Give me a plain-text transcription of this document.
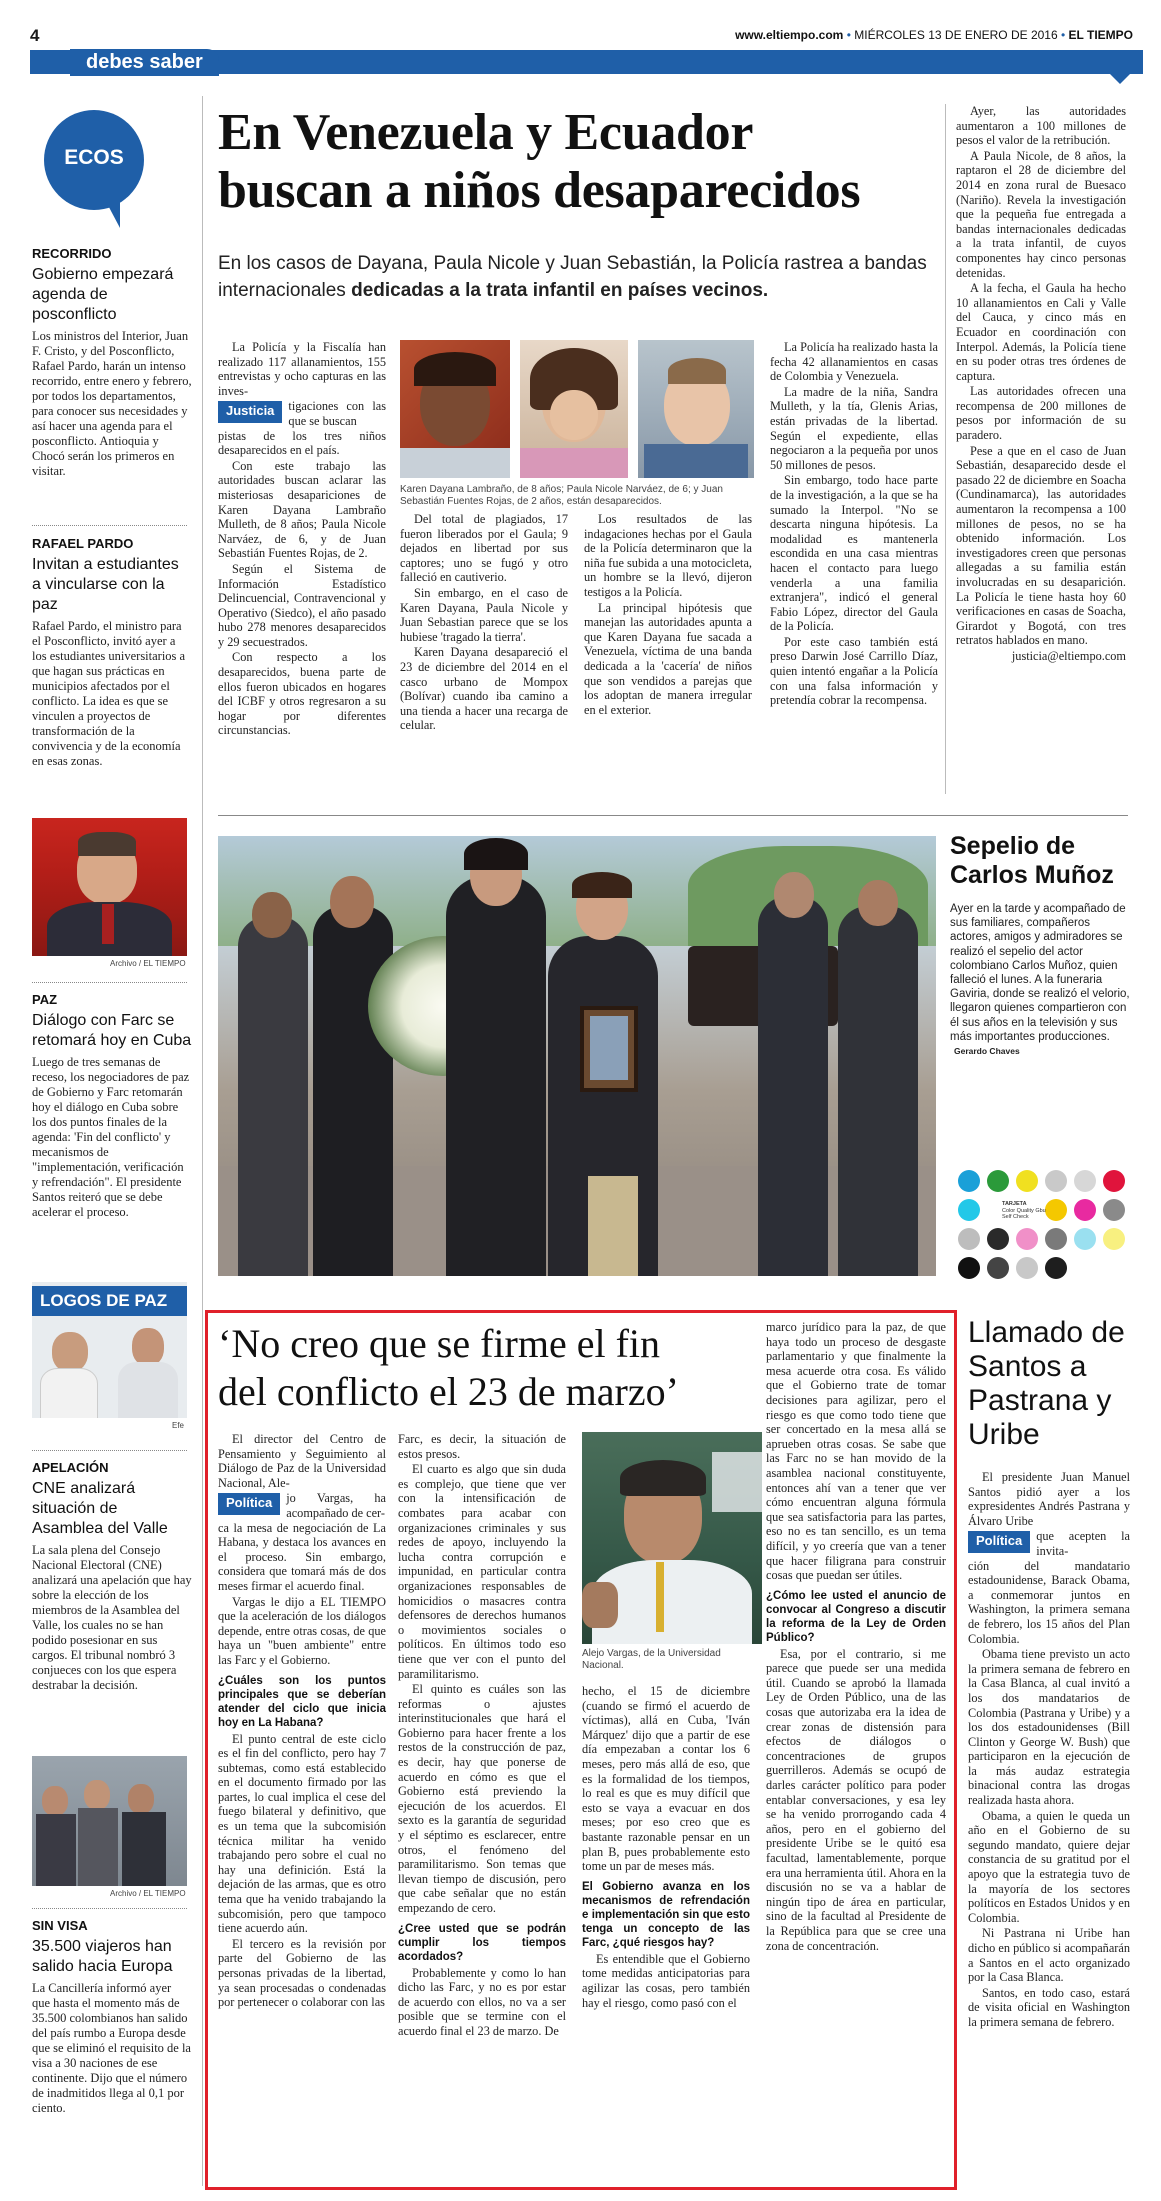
4	www.eltiempo.com • MIÉRCOLES 13 DE ENERO DE 2016 • EL TIEMPO
debes saber
ECOS
RECORRIDO
Gobierno empezará agenda de posconflicto
Los ministros del Interior, Juan F. Cristo, y del Posconflicto, Rafael Pardo, harán un intenso recorrido, entre enero y febrero, por todos los departamentos, para conocer sus necesidades y así hacer una agenda para el posconflicto. Antioquia y Chocó serán los primeros en visitar.
RAFAEL PARDO
Invitan a estudiantes a vincularse con la paz
Rafael Pardo, el ministro para el Posconflicto, invitó ayer a los estudiantes universitarios a que hagan sus prácticas en municipios afectados por el conflicto. La idea es que se vinculen a proyectos de transformación de la convivencia y de la economía en esas zonas.
Archivo / EL TIEMPO
PAZ
Diálogo con Farc se retomará hoy en Cuba
Luego de tres semanas de receso, los negociadores de paz de Gobierno y Farc retomarán hoy el diálogo en Cuba sobre los dos puntos finales de la agenda: 'Fin del conflicto' y mecanismos de "implementación, verificación y refrendación". El presidente Santos reiteró que se debe acelerar el proceso.
LOGOS DE PAZ
Efe
APELACIÓN
CNE analizará situación de Asamblea del Valle
La sala plena del Consejo Nacional Electoral (CNE) analizará una apelación que hay sobre la elección de los miembros de la Asamblea del Valle, los cuales no se han podido posesionar en sus cargos. El tribunal nombró 3 conjueces con los que espera destrabar la decisión.
Archivo / EL TIEMPO
SIN VISA
35.500 viajeros han salido hacia Europa
La Cancillería informó ayer que hasta el momento más de 35.500 colombianos han salido del país rumbo a Europa desde que se eliminó el requisito de la visa a 30 naciones de ese continente. Dijo que el número de inadmitidos llega al 0,1 por ciento.
En Venezuela y Ecuador
buscan a niños desaparecidos
En los casos de Dayana, Paula Nicole y Juan Sebastián, la Policía rastrea a bandas internacionales dedicadas a la trata infantil en países vecinos.

La Policía y la Fiscalía han realizado 117 allanamientos, 155 entrevistas y ocho capturas en las inves-

Justicia	tigaciones con las que se buscan

pistas de los tres niños desaparecidos en el país.

Con este trabajo las autoridades buscan aclarar las misteriosas desapariciones de Karen Dayana Lambraño Mulleth, de 8 años; Paula Nicole Narváez, de 6, y de Juan Sebastián Fuentes Rojas, de 2.

Según el Sistema de Información Estadístico Delincuencial, Contravencional y Operativo (Siedco), el año pasado hubo 278 menores desaparecidos y 29 secuestrados.

Con respecto a los desaparecidos, buena parte de ellos fueron ubicados en hogares del ICBF y otros regresaron a su hogar por diferentes circunstancias.

Karen Dayana Lambraño, de 8 años; Paula Nicole Narváez, de 6; y Juan Sebastián Fuentes Rojas, de 2 años, están desaparecidos.

Del total de plagiados, 17 fueron liberados por el Gaula; 9 dejados en libertad por sus captores; uno se fugó y otro falleció en cautiverio.

Sin embargo, en el caso de Karen Dayana, Paula Nicole y Juan Sebastian parece que se los hubiese 'tragado la tierra'.

Karen Dayana desapareció el 23 de diciembre del 2014 en el casco urbano de Mompox (Bolívar) cuando iba camino a una tienda a hacer una recarga de celular.

Los resultados de las indagaciones hechas por el Gaula de la Policía determinaron que la niña fue subida a una motocicleta, un hombre se la llevó, dijeron testigos a la Policía.

La principal hipótesis que manejan las autoridades apunta a que Karen Dayana fue sacada a Venezuela, víctima de una banda dedicada a la 'cacería' de niños que son vendidos a parejas que los adoptan de manera irregular en el exterior.

La Policía ha realizado hasta la fecha 42 allanamientos en casas de Colombia y Venezuela.

La madre de la niña, Sandra Mulleth, y la tía, Glenis Arias, están privadas de la libertad. Según el expediente, ellas negociaron a la pequeña por unos 50 millones de pesos.

Sin embargo, todo hace parte de la investigación, a la que se ha sumado la Interpol. "No se descarta ninguna hipótesis. La modalidad es mantenerla escondida en una casa mientras hacen el contacto para luego venderla a una familia extranjera", indicó el general Fabio López, director del Gaula de la Policía.

Por este caso también está preso Darwin José Carrillo Díaz, quien intentó engañar a la Policía con una falsa información y pretendía cobrar la recompensa.

Ayer, las autoridades aumentaron a 100 millones de pesos el valor de la retribución.

A Paula Nicole, de 8 años, la raptaron el 28 de diciembre del 2014 en zona rural de Buesaco (Nariño). Revela la investigación que la pequeña fue entregada a bandas internacionales dedicadas a la trata infantil, de cuyos componentes hay cinco personas detenidas.

A la fecha, el Gaula ha hecho 10 allanamientos en Cali y Valle del Cauca, y cinco más en Ecuador en coordinación con Interpol. Además, la Policía tiene en su poder otras tres órdenes de captura.

Las autoridades ofrecen una recompensa de 200 millones de pesos por información de su paradero.

Pese a que en el caso de Juan Sebastián, desaparecido desde el pasado 22 de diciembre en Soacha (Cundinamarca), las autoridades aumentaron la recompensa a 100 millones de pesos, no se ha obtenido información. Los investigadores creen que personas allegadas a su familia están involucradas en su desaparición. La Policía le tiene hasta hoy 60 verificaciones en casas de Soacha, Girardot y Bogotá, con tres retratos hablados en mano.

justicia@eltiempo.com

Sepelio de
Carlos Muñoz
Ayer en la tarde y acompañado de sus familiares, compañeros actores, amigos y admiradores se realizó el sepelio del actor colombiano Carlos Muñoz, quien falleció el lunes. A la funeraria Gaviria, donde se realizó el velorio, llegaron quienes compartieron con él sus años en la televisión y sus más importantes producciones. Gerardo Chaves
TARJETA
Color Quality Gbu
Self Check
‘No creo que se firme el fin
del conflicto el 23 de marzo’

El director del Centro de Pensamiento y Seguimiento al Diálogo de Paz de la Universidad Nacional, Ale-

Política	jo Vargas, ha acompañado de cer-

ca la mesa de negociación de La Habana, y destaca los avances en el proceso. Sin embargo, considera que tomará más de dos meses firmar el acuerdo final.

Vargas le dijo a EL TIEMPO que la aceleración de los diálogos depende, entre otras cosas, de que haya un "buen ambiente" entre las Farc y el Gobierno.

¿Cuáles son los puntos principales que se deberían atender del ciclo que inicia hoy en La Habana?

El punto central de este ciclo es el fin del conflicto, pero hay 7 subtemas, como está establecido en el documento firmado por las partes, lo cual implica el cese del fuego bilateral y definitivo, que es un tema que la subcomisión técnica militar ha venido trabajando pero sobre el cual no hay una definición. Está la dejación de las armas, que es otro tema que ha venido trabajando la subcomisión, pero que tampoco tiene acuerdo aún.

El tercero es la revisión por parte del Gobierno de las personas privadas de la libertad, ya sean procesadas o condenadas por pertenecer o colaborar con las

Farc, es decir, la situación de estos presos.

El cuarto es algo que sin duda es complejo, que tiene que ver con la intensificación de combates para acabar con organizaciones criminales y sus redes de apoyo, incluyendo la lucha contra corrupción e impunidad, en particular contra organizaciones responsables de homicidios o masacres contra defensores de derechos humanos o movimientos sociales o políticos. En últimos todo eso tiene que ver con el punto del paramilitarismo.

El quinto es cuáles son las reformas o ajustes interinstitucionales que hará el Gobierno para hacer frente a los restos de la construcción de paz, es decir, hay que ponerse de acuerdo en cómo es que el Gobierno está previendo la ejecución de los acuerdos. El sexto es la garantía de seguridad y el séptimo es esclarecer, entre otros, el fenómeno del paramilitarismo. Son temas que llevan tiempo de discusión, pero que cabe señalar que no están empezando de cero.

¿Cree usted que se podrán cumplir los tiempos acordados?

Probablemente y como lo han dicho las Farc, y no es por estar de acuerdo con ellos, no va a ser posible que se termine con el acuerdo final el 23 de marzo. De

Alejo Vargas, de la Universidad Nacional.

hecho, el 15 de diciembre (cuando se firmó el acuerdo de víctimas), allá en Cuba, 'Iván Márquez' dijo que a partir de ese día empezaban a contar los 6 meses, pero más allá de eso, que es la formalidad de los tiempos, lo real es que es muy difícil que esto se vaya a evacuar en dos meses; por eso creo que es bastante razonable pensar en un plan B, pues probablemente esto tome un par de meses más.

El Gobierno avanza en los mecanismos de refrendación e implementación sin que esto tenga un concepto de las Farc, ¿qué riesgos hay?

Es entendible que el Gobierno tome medidas anticipatorias para agilizar las cosas, pero también hay el riesgo, como pasó con el

marco jurídico para la paz, de que haya todo un proceso de desgaste parlamentario y que finalmente la mesa acuerde otra cosa. Es válido que el Gobierno trate de tomar decisiones para agilizar, pero el riesgo es que como todo tiene que ser concertado en la mesa allá se aprueben otras cosas. Se sabe que las Farc no se han movido de la asamblea nacional constituyente, entonces ahí van a tener que ver cómo encuentran alguna fórmula que sea satisfactoria para las partes, eso no es tan sencillo, es un tema difícil, y yo creería que van a tener que hacer filigrana para construir cosas que puedan ser útiles.

¿Cómo lee usted el anuncio de convocar al Congreso a discutir la reforma de la Ley de Orden Público?

Esa, por el contrario, si me parece que puede ser una medida útil. Cuando se aprobó la llamada Ley de Orden Público, una de las cosas que autorizaba era la idea de crear zonas de distensión para efectos de diálogos o concentraciones de grupos guerrilleros. Además se ocupó de darles carácter político para poder entablar conversaciones, y esa ley se ha venido prorrogando cada 4 años, pero en el gobierno del presidente Uribe se le quitó esa facultad, lamentablemente, porque era una herramienta útil. Ahora en la discusión no se va a hablar de ningún tipo de área en particular, sino de la facultad al Presidente de la República para que se cree una zona de concentración.

Llamado de Santos a Pastrana y Uribe

El presidente Juan Manuel Santos pidió ayer a los expresidentes Andrés Pastrana y Álvaro Uribe

Política	que acepten la invita-

ción del mandatario estadounidense, Barack Obama, a conmemorar juntos en Washington, la primera semana de febrero, los 15 años del Plan Colombia.

Obama tiene previsto un acto la primera semana de febrero en la Casa Blanca, al cual invitó a los dos mandatarios de Colombia (Pastrana y Uribe) y a los dos estadounidenses (Bill Clinton y George W. Bush) que participaron en la ejecución de la más audaz estrategia binacional contra las drogas realizada hasta ahora.

Obama, a quien le queda un año en el Gobierno de su segundo mandato, quiere dejar constancia de su gratitud por el apoyo que la estrategia tuvo de la mayoría de los sectores políticos en Estados Unidos y en Colombia.

Ni Pastrana ni Uribe han dicho en público si acompañarán a Santos en el acto organizado por la Casa Blanca.

Santos, en todo caso, estará de visita oficial en Washington la primera semana de febrero.
